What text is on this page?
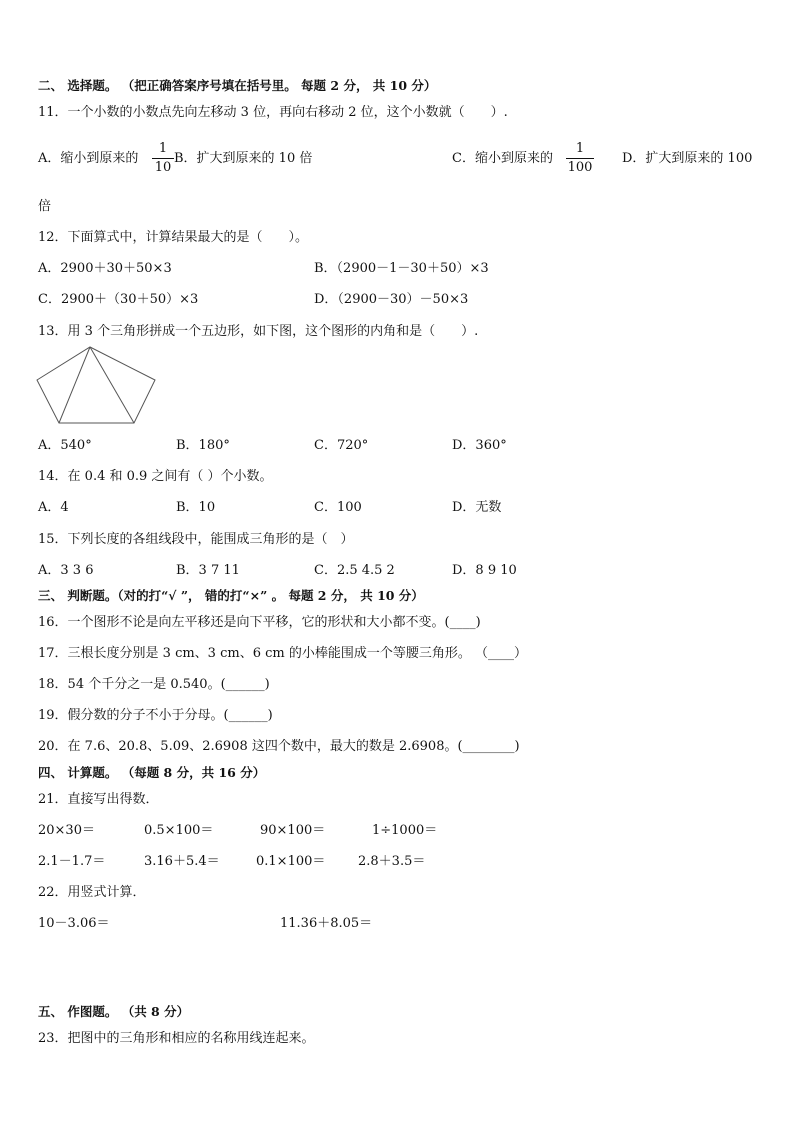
二、 选择题。 （把正确答案序号填在括号里。 每题 2 分， 共 10 分）
11．一个小数的小数点先向左移动 3 位，再向右移动 2 位，这个小数就（　　）.
A．缩小到原来的 $\frac{1}{10}$ B．扩大到原来的 10 倍	C．缩小到原来的 $\frac{1}{100}$ D．扩大到原来的 100
倍
12．下面算式中，计算结果最大的是（　　）。
A．2900＋30＋50×3	B．（2900－1－30＋50）×3
C．2900＋（30＋50）×3	D．（2900－30）－50×3
13．用 3 个三角形拼成一个五边形，如下图，这个图形的内角和是（　　）.
A．540°	B．180°	C．720°	D．360°
14．在 0.4 和 0.9 之间有（ ）个小数。
A．4	B．10	C．100	D．无数
15．下列长度的各组线段中，能围成三角形的是（　）
A．3 3 6	B．3 7 11	C．2.5 4.5 2	D．8 9 10
三、 判断题。（对的打“√ ”， 错的打“×” 。 每题 2 分， 共 10 分）
16．一个图形不论是向左平移还是向下平移，它的形状和大小都不变。(____)
17．三根长度分别是 3 cm、3 cm、6 cm 的小棒能围成一个等腰三角形。 （____）
18．54 个千分之一是 0.540。(______)
19．假分数的分子不小于分母。(______)
20．在 7.6、20.8、5.09、2.6908 这四个数中，最大的数是 2.6908。(________)
四、 计算题。 （每题 8 分，共 16 分）
21．直接写出得数．
20×30＝	0.5×100＝	90×100＝	1÷1000＝
2.1－1.7＝	3.16＋5.4＝	0.1×100＝	2.8＋3.5＝
22．用竖式计算．
10－3.06＝	11.36＋8.05＝
五、 作图题。 （共 8 分）
23．把图中的三角形和相应的名称用线连起来。
